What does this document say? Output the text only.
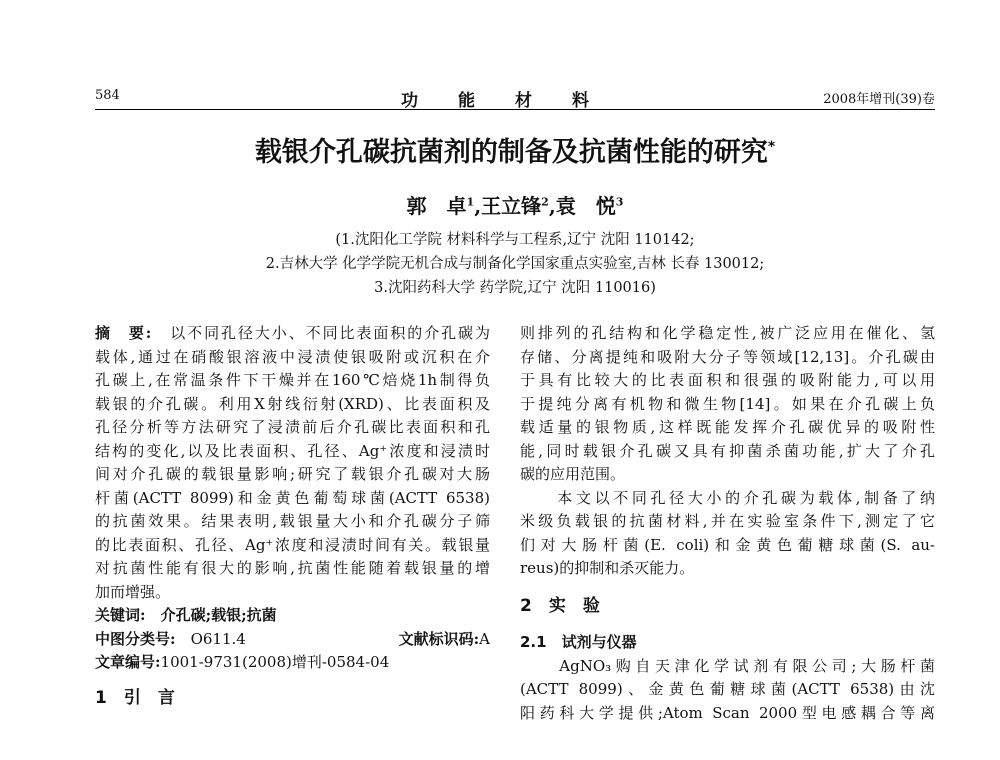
584	功能材料	2008年增刊(39)卷
载银介孔碳抗菌剂的制备及抗菌性能的研究*
郭　卓$^1$,王立锋$^2$,袁　悦$^3$
(1.沈阳化工学院 材料科学与工程系,辽宁 沈阳 110142;
2.吉林大学 化学学院无机合成与制备化学国家重点实验室,吉林 长春 130012;
3.沈阳药科大学 药学院,辽宁 沈阳 110016)
摘　要:　 以不同孔径大小、不同比表面积的介孔碳为
载体,通过在硝酸银溶液中浸渍使银吸附或沉积在介
孔碳上,在常温条件下干燥并在160℃焙烧1h制得负
载银的介孔碳。利用X射线衍射(XRD)、比表面积及
孔径分析等方法研究了浸渍前后介孔碳比表面积和孔
结构的变化,以及比表面积、孔径、Ag⁺浓度和浸渍时
间对介孔碳的载银量影响;研究了载银介孔碳对大肠
杆菌(ACTT 8099)和金黄色葡萄球菌(ACTT 6538)
的抗菌效果。结果表明,载银量大小和介孔碳分子筛
的比表面积、孔径、Ag⁺浓度和浸渍时间有关。载银量
对抗菌性能有很大的影响,抗菌性能随着载银量的增
加而增强。
关键词:　 介孔碳;载银;抗菌
中图分类号:　 O611.4	文献标识码:A
文章编号:1001-9731(2008)增刊-0584-04
1　引　言
则排列的孔结构和化学稳定性,被广泛应用在催化、氢
存储、分离提纯和吸附大分子等领域[12,13]。介孔碳由
于具有比较大的比表面积和很强的吸附能力,可以用
于提纯分离有机物和微生物[14]。如果在介孔碳上负
载适量的银物质,这样既能发挥介孔碳优异的吸附性
能,同时载银介孔碳又具有抑菌杀菌功能,扩大了介孔
碳的应用范围。
　　本文以不同孔径大小的介孔碳为载体,制备了纳
米级负载银的抗菌材料,并在实验室条件下,测定了它
们对大肠杆菌(E. coli)和金黄色葡糖球菌(S. au-
reus)的抑制和杀灭能力。
2　实　验
2.1　试剂与仪器
　　AgNO₃购自天津化学试剂有限公司;大肠杆菌
(ACTT 8099)、金黄色葡糖球菌(ACTT 6538)由沈
阳药科大学提供;Atom Scan 2000型电感耦合等离
